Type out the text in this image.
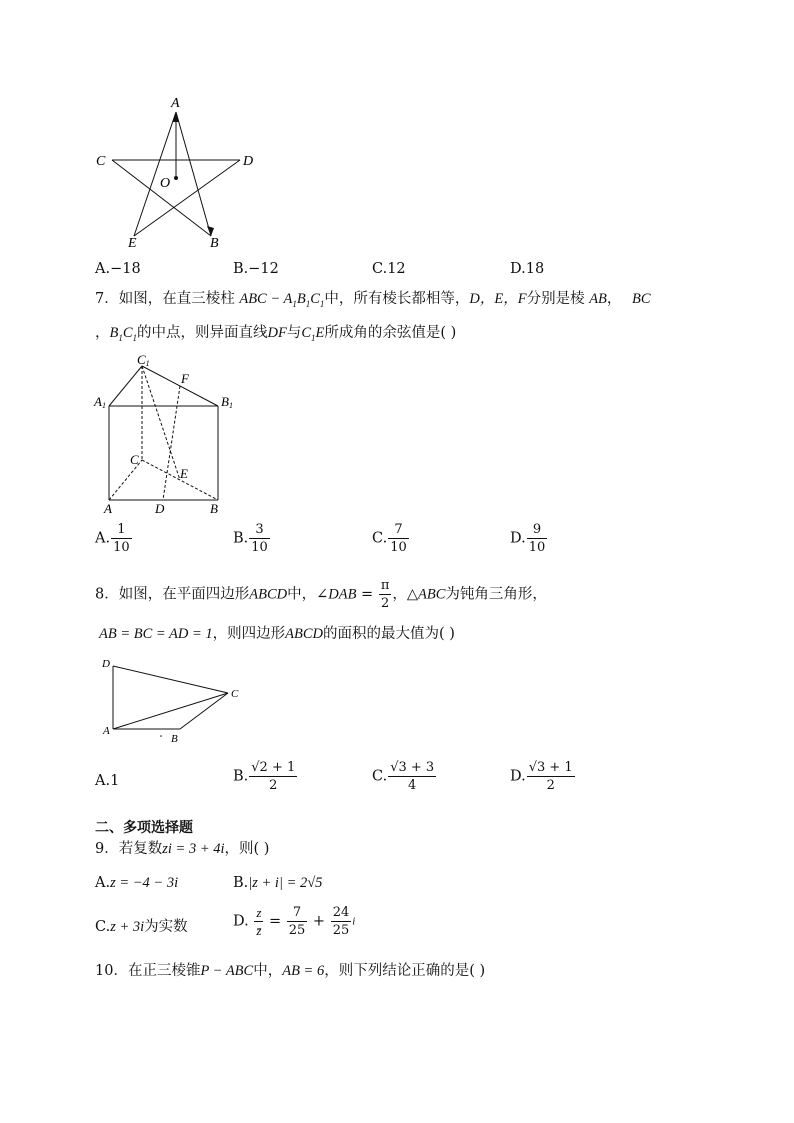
A
C	D
O
E	B
A.−18	B.−12	C.12	D.18
7．如图，在直三棱柱 ABC − $A_1B_1C_1$中，所有棱长都相等，D，E，F分别是棱 AB， BC
，$B_1C_1$的中点，则异面直线DF与$C_1E$所成角的余弦值是( )
C1
F
A1	B1
C
E
A	D	B
A. $\frac{1}{10}$	B. $\frac{3}{10}$	C. $\frac{7}{10}$	D. $\frac{9}{10}$
8．如图，在平面四边形ABCD中，∠DAB = $\frac{\pi}{2}$ ，△ABC为钝角三角形，
AB = BC = AD = 1，则四边形ABCD的面积的最大值为( )
D
C
A
B
A.1	B. $\frac{√2 + 1}{2}$	C. $\frac{√3 + 3}{4}$	D. $\frac{√3 + 1}{2}$
二、多项选择题
9．若复数zi = 3 + 4i，则( )
A.z = −4 − 3i	B.|z + i| = 2√5
C.z + 3i为实数	D. $\frac{z}{z̄} = \frac{7}{25} + \frac{24}{25}$ i
10．在正三棱锥P − ABC中，AB = 6，则下列结论正确的是( )
